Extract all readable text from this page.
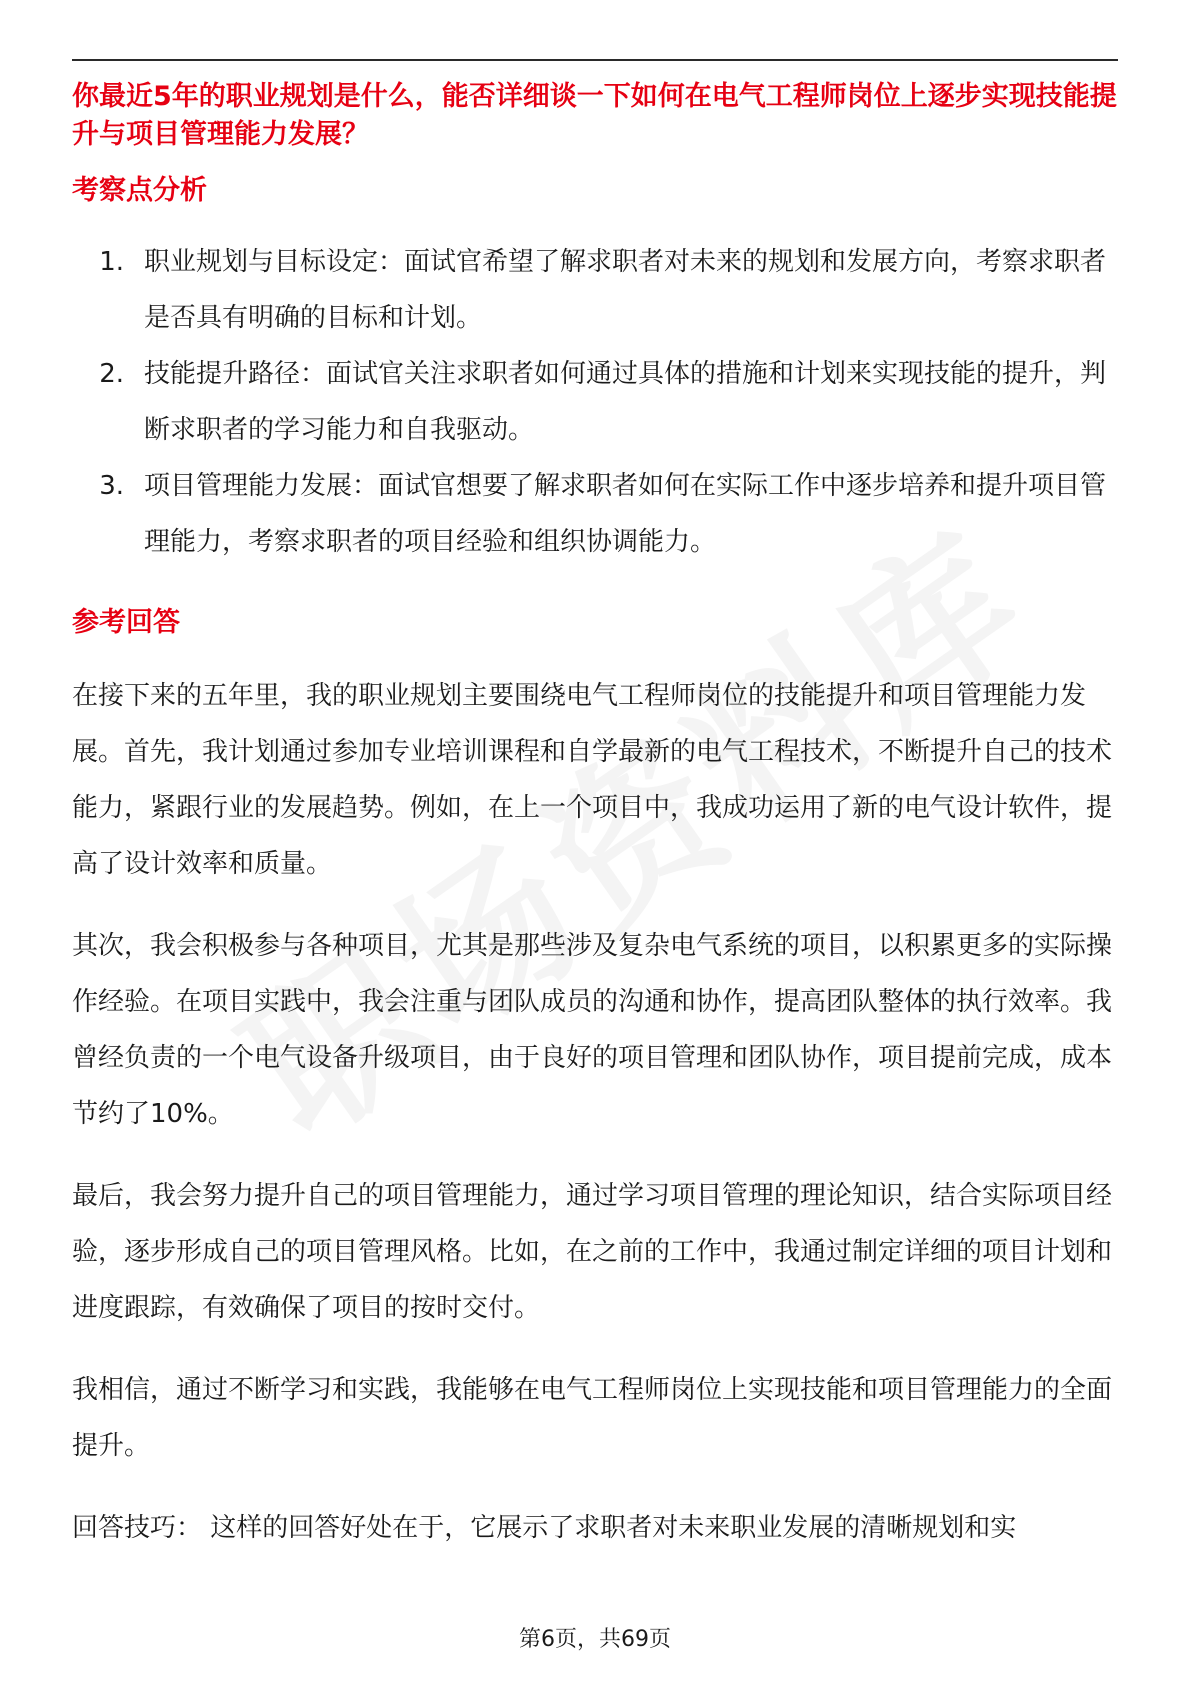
你最近5年的职业规划是什么，能否详细谈一下如何在电气工程师岗位上逐步实现技能提升与项目管理能力发展？

考察点分析

1. 职业规划与目标设定：面试官希望了解求职者对未来的规划和发展方向，考察求职者是否具有明确的目标和计划。
2. 技能提升路径：面试官关注求职者如何通过具体的措施和计划来实现技能的提升，判断求职者的学习能力和自我驱动。
3. 项目管理能力发展：面试官想要了解求职者如何在实际工作中逐步培养和提升项目管理能力，考察求职者的项目经验和组织协调能力。

参考回答

在接下来的五年里，我的职业规划主要围绕电气工程师岗位的技能提升和项目管理能力发展。首先，我计划通过参加专业培训课程和自学最新的电气工程技术，不断提升自己的技术能力，紧跟行业的发展趋势。例如，在上一个项目中，我成功运用了新的电气设计软件，提高了设计效率和质量。

其次，我会积极参与各种项目，尤其是那些涉及复杂电气系统的项目，以积累更多的实际操作经验。在项目实践中，我会注重与团队成员的沟通和协作，提高团队整体的执行效率。我曾经负责的一个电气设备升级项目，由于良好的项目管理和团队协作，项目提前完成，成本节约了10%。

最后，我会努力提升自己的项目管理能力，通过学习项目管理的理论知识，结合实际项目经验，逐步形成自己的项目管理风格。比如，在之前的工作中，我通过制定详细的项目计划和进度跟踪，有效确保了项目的按时交付。

我相信，通过不断学习和实践，我能够在电气工程师岗位上实现技能和项目管理能力的全面提升。

回答技巧： 这样的回答好处在于，它展示了求职者对未来职业发展的清晰规划和实

第6页，共69页
